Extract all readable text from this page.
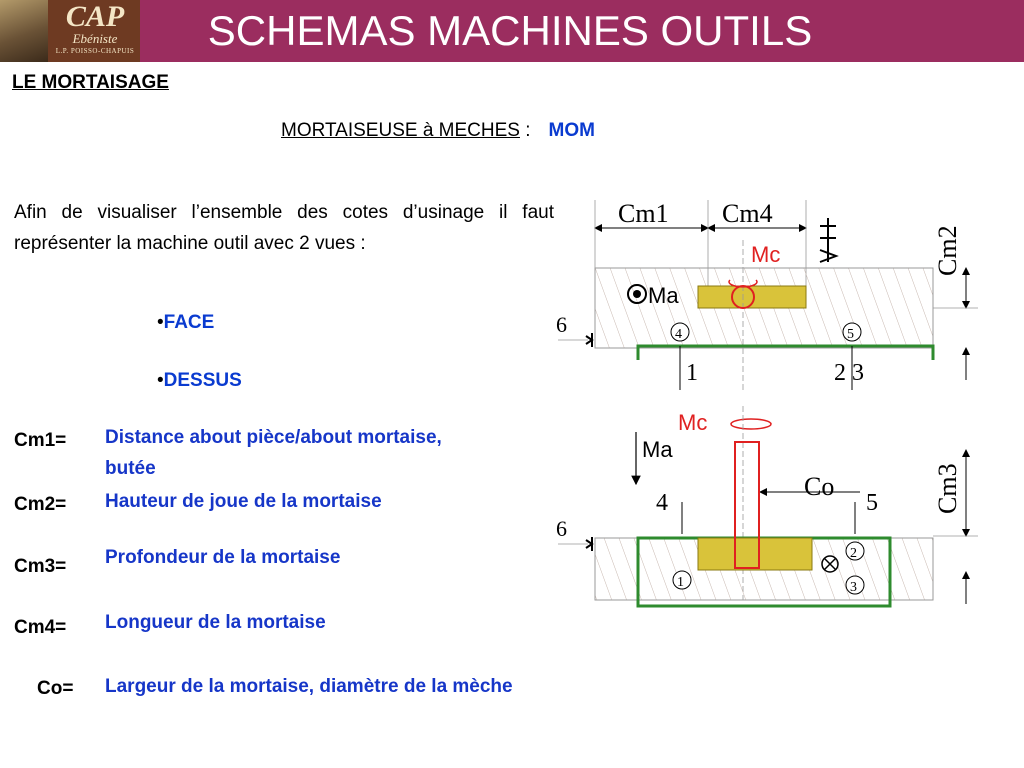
CAP
Ebéniste
L.P. POISSO-CHAPUIS	SCHEMAS MACHINES OUTILS
LE MORTAISAGE
MORTAISEUSE à MECHES : MOM
Afin de visualiser l’ensemble des cotes d’usinage il faut représenter la machine outil avec 2 vues :
•FACE
•DESSUS
Cm1=	Distance about pièce/about mortaise, butée
Cm2=	Hauteur de joue de la mortaise
Cm3=	Profondeur de la mortaise
Cm4=	Longueur de la mortaise
Co=	Largeur de la mortaise, diamètre de la mèche
Cm1 Cm4
Mc
Ma
Cm2
6	4	5
1	2 3
Mc
Ma
Cm3
Co
4	5
6
1
2
3
